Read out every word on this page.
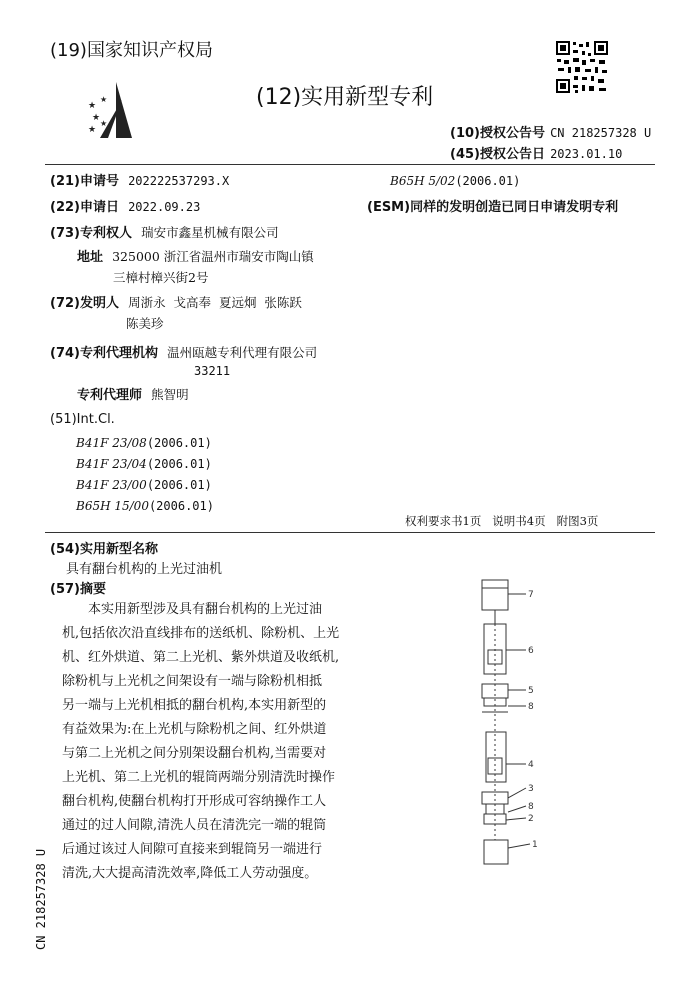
(19)国家知识产权局
★
★
★
★
★
(12)实用新型专利
(10)授权公告号 CN 218257328 U
(45)授权公告日 2023.01.10
(21)申请号 202222537293.X
(22)申请日 2022.09.23
(73)专利权人 瑞安市鑫星机械有限公司
地址 325000 浙江省温州市瑞安市陶山镇
三樟村樟兴街2号
(72)发明人 周浙永  戈高奉  夏远炯  张陈跃
陈美珍
(74)专利代理机构 温州瓯越专利代理有限公司
33211
专利代理师 熊智明
(51)Int.Cl.
B41F 23/08(2006.01)
B41F 23/04(2006.01)
B41F 23/00(2006.01)
B65H 15/00(2006.01)
B65H 5/02(2006.01)
(ESM)同样的发明创造已同日申请发明专利
权利要求书1页   说明书4页   附图3页
(54)实用新型名称
具有翻台机构的上光过油机
(57)摘要

本实用新型涉及具有翻台机构的上光过油

机,包括依次沿直线排布的送纸机、除粉机、上光

机、红外烘道、第二上光机、紫外烘道及收纸机,

除粉机与上光机之间架设有一端与除粉机相抵

另一端与上光机相抵的翻台机构,本实用新型的

有益效果为:在上光机与除粉机之间、红外烘道

与第二上光机之间分别架设翻台机构,当需要对

上光机、第二上光机的辊筒两端分别清洗时操作

翻台机构,使翻台机构打开形成可容纳操作工人

通过的过人间隙,清洗人员在清洗完一端的辊筒

后通过该过人间隙可直接来到辊筒另一端进行

清洗,大大提高清洗效率,降低工人劳动强度。

7
6
5
8
4
3
8
2
1
CN 218257328 U
